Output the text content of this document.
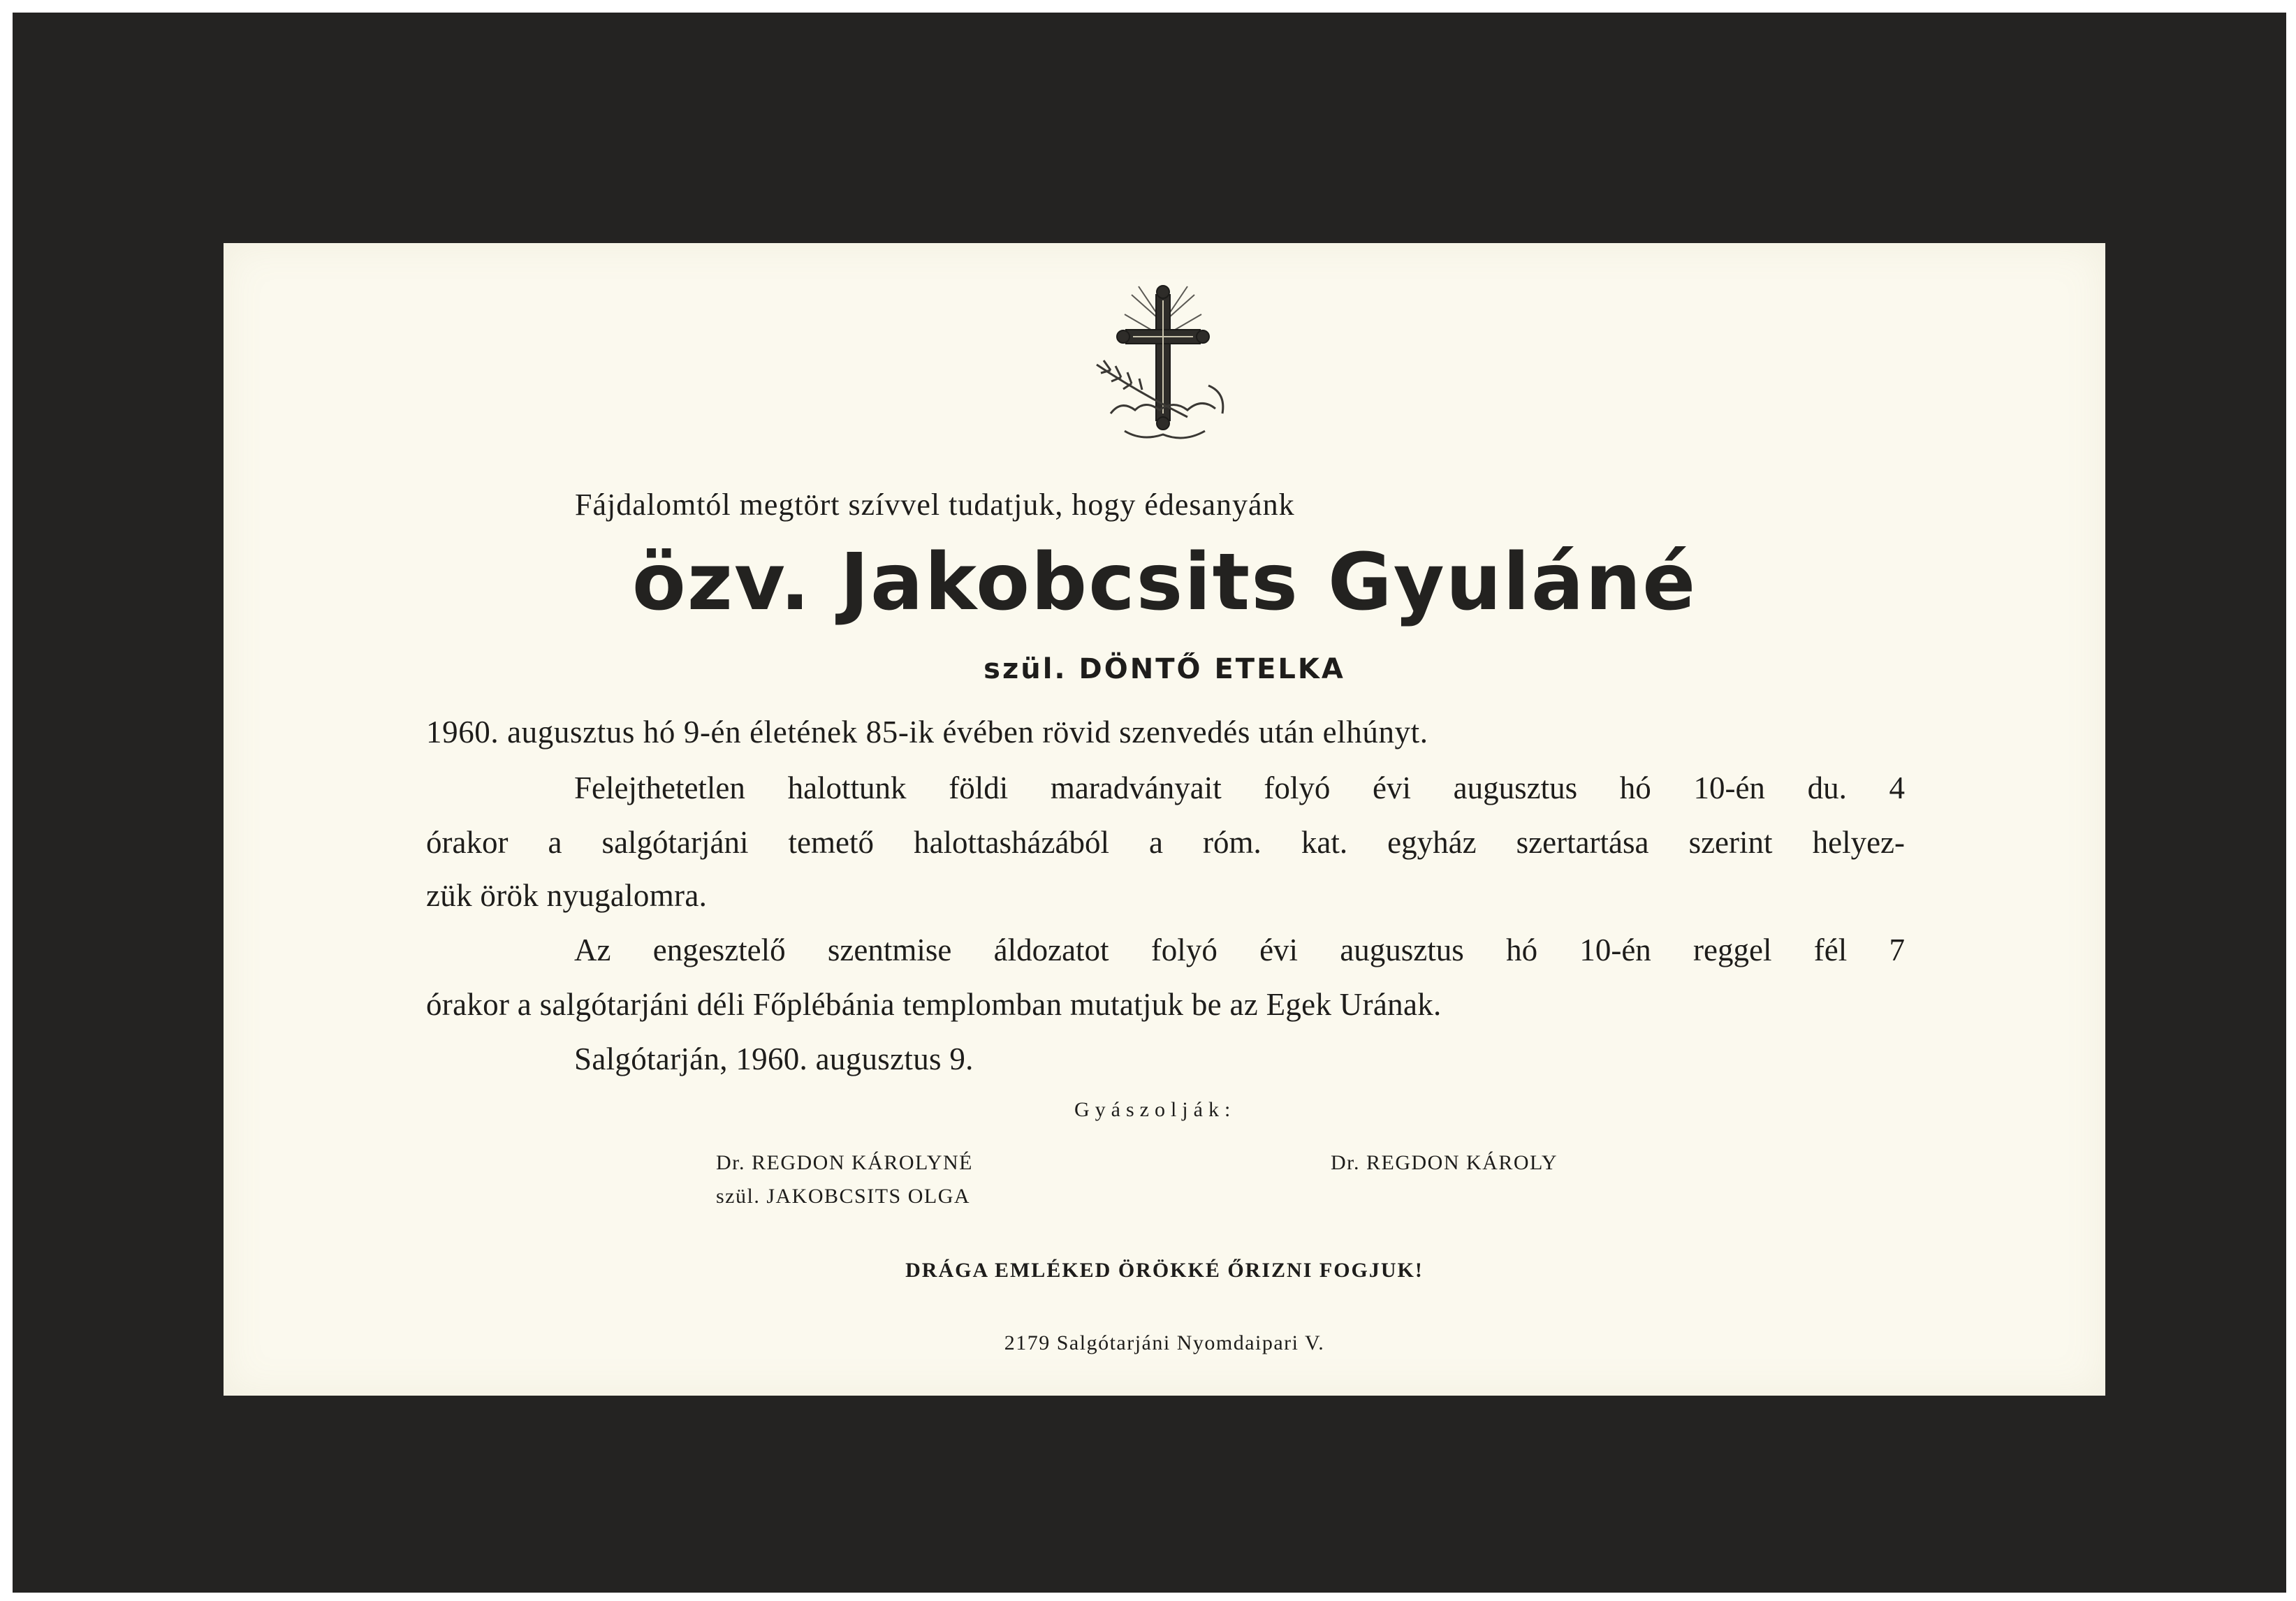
Fájdalomtól megtört szívvel tudatjuk, hogy édesanyánk
özv. Jakobcsits Gyuláné
szül. DÖNTŐ ETELKA
1960. augusztus hó 9-én életének 85-ik évében rövid szenvedés után elhúnyt.
Felejthetetlen halottunk földi maradványait folyó évi augusztus hó 10-én du. 4
órakor a salgótarjáni temető halottasházából a róm. kat. egyház szertartása szerint helyez-
zük örök nyugalomra.
Az engesztelő szentmise áldozatot folyó évi augusztus hó 10-én reggel fél 7
órakor a salgótarjáni déli Főplébánia templomban mutatjuk be az Egek Urának.
Salgótarján, 1960. augusztus 9.
Gyászolják:
Dr. REGDON KÁROLYNÉ
szül. JAKOBCSITS OLGA
Dr. REGDON KÁROLY
DRÁGA EMLÉKED ÖRÖKKÉ ŐRIZNI FOGJUK!
2179 Salgótarjáni Nyomdaipari V.
